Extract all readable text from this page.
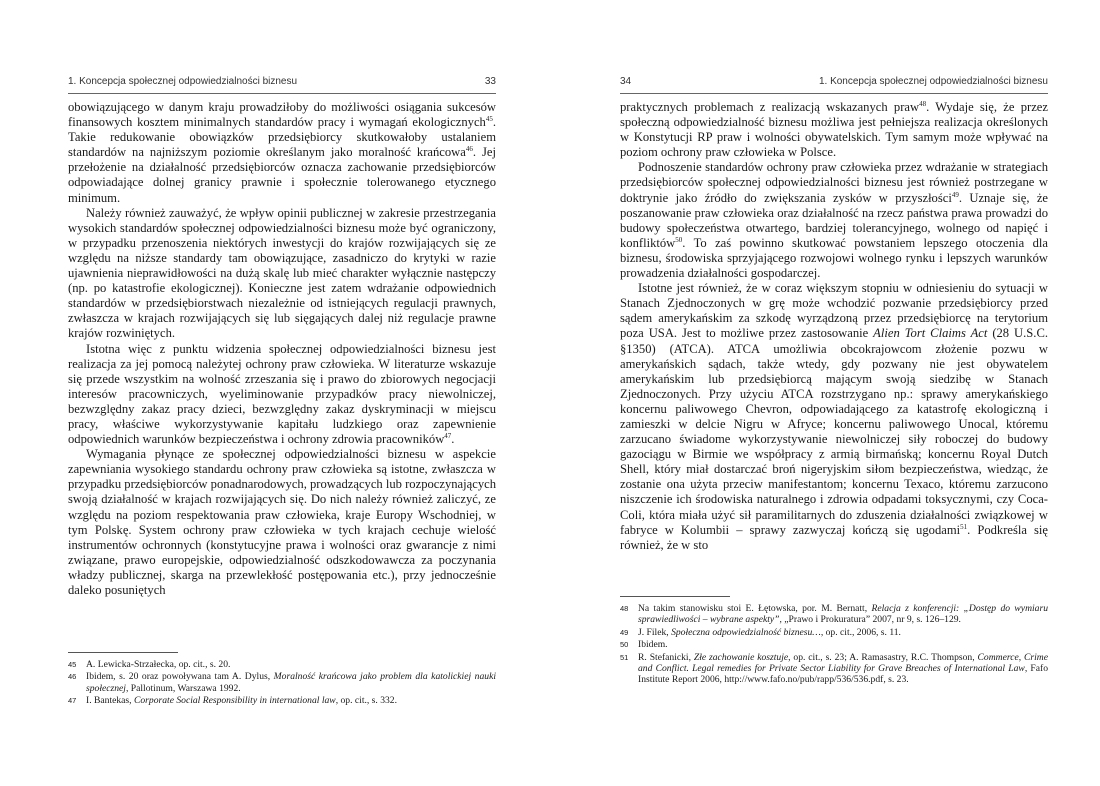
1. Koncepcja społecznej odpowiedzialności biznesu	33

obowiązującego w danym kraju prowadziłoby do możliwości osiągania sukcesów finansowych kosztem minimalnych standardów pracy i wymagań ekologicznych$^{45}$. Takie redukowanie obowiązków przedsiębiorcy skutkowałoby ustalaniem standardów na najniższym poziomie określanym jako moralność krańcowa$^{46}$. Jej przełożenie na działalność przedsiębiorców oznacza zachowanie przedsiębiorców odpowiadające dolnej granicy prawnie i społecznie tolerowanego etycznego minimum.

Należy również zauważyć, że wpływ opinii publicznej w zakresie przestrzegania wysokich standardów społecznej odpowiedzialności biznesu może być ograniczony, w przypadku przenoszenia niektórych inwestycji do krajów rozwijających się ze względu na niższe standardy tam obowiązujące, zasadniczo do krytyki w razie ujawnienia nieprawidłowości na dużą skalę lub mieć charakter wyłącznie następczy (np. po katastrofie ekologicznej). Konieczne jest zatem wdrażanie odpowiednich standardów w przedsiębiorstwach niezależnie od istniejących regulacji prawnych, zwłaszcza w krajach rozwijających się lub sięgających dalej niż regulacje prawne krajów rozwiniętych.

Istotna więc z punktu widzenia społecznej odpowiedzialności biznesu jest realizacja za jej pomocą należytej ochrony praw człowieka. W literaturze wskazuje się przede wszystkim na wolność zrzeszania się i prawo do zbiorowych negocjacji interesów pracowniczych, wyeliminowanie przypadków pracy niewolniczej, bezwzględny zakaz pracy dzieci, bezwzględny zakaz dyskryminacji w miejscu pracy, właściwe wykorzystywanie kapitału ludzkiego oraz zapewnienie odpowiednich warunków bezpieczeństwa i ochrony zdrowia pracowników$^{47}$.

Wymagania płynące ze społecznej odpowiedzialności biznesu w aspekcie zapewniania wysokiego standardu ochrony praw człowieka są istotne, zwłaszcza w przypadku przedsiębiorców ponadnarodowych, prowadzących lub rozpoczynających swoją działalność w krajach rozwijających się. Do nich należy również zaliczyć, ze względu na poziom respektowania praw człowieka, kraje Europy Wschodniej, w tym Polskę. System ochrony praw człowieka w tych krajach cechuje wielość instrumentów ochronnych (konstytucyjne prawa i wolności oraz gwarancje z nimi związane, prawo europejskie, odpowiedzialność odszkodowawcza za poczynania władzy publicznej, skarga na przewlekłość postępowania etc.), przy jednocześnie daleko posuniętych

45 A. Lewicka-Strzałecka, op. cit., s. 20.
46 Ibidem, s. 20 oraz powoływana tam A. Dylus, Moralność krańcowa jako problem dla katolickiej nauki społecznej, Pallotinum, Warszawa 1992.
47 I. Bantekas, Corporate Social Responsibility in international law, op. cit., s. 332.
34	1. Koncepcja społecznej odpowiedzialności biznesu

praktycznych problemach z realizacją wskazanych praw$^{48}$. Wydaje się, że przez społeczną odpowiedzialność biznesu możliwa jest pełniejsza realizacja określonych w Konstytucji RP praw i wolności obywatelskich. Tym samym może wpływać na poziom ochrony praw człowieka w Polsce.

Podnoszenie standardów ochrony praw człowieka przez wdrażanie w strategiach przedsiębiorców społecznej odpowiedzialności biznesu jest również postrzegane w doktrynie jako źródło do zwiększania zysków w przyszłości$^{49}$. Uznaje się, że poszanowanie praw człowieka oraz działalność na rzecz państwa prawa prowadzi do budowy społeczeństwa otwartego, bardziej tolerancyjnego, wolnego od napięć i konfliktów$^{50}$. To zaś powinno skutkować powstaniem lepszego otoczenia dla biznesu, środowiska sprzyjającego rozwojowi wolnego rynku i lepszych warunków prowadzenia działalności gospodarczej.

Istotne jest również, że w coraz większym stopniu w odniesieniu do sytuacji w Stanach Zjednoczonych w grę może wchodzić pozwanie przedsiębiorcy przed sądem amerykańskim za szkodę wyrządzoną przez przedsiębiorcę na terytorium poza USA. Jest to możliwe przez zastosowanie Alien Tort Claims Act (28 U.S.C. §1350) (ATCA). ATCA umożliwia obcokrajowcom złożenie pozwu w amerykańskich sądach, także wtedy, gdy pozwany nie jest obywatelem amerykańskim lub przedsiębiorcą mającym swoją siedzibę w Stanach Zjednoczonych. Przy użyciu ATCA rozstrzygano np.: sprawy amerykańskiego koncernu paliwowego Chevron, odpowiadającego za katastrofę ekologiczną i zamieszki w delcie Nigru w Afryce; koncernu paliwowego Unocal, któremu zarzucano świadome wykorzystywanie niewolniczej siły roboczej do budowy gazociągu w Birmie we współpracy z armią birmańską; koncernu Royal Dutch Shell, który miał dostarczać broń nigeryjskim siłom bezpieczeństwa, wiedząc, że zostanie ona użyta przeciw manifestantom; koncernu Texaco, któremu zarzucono niszczenie ich środowiska naturalnego i zdrowia odpadami toksycznymi, czy Coca-Coli, która miała użyć sił paramilitarnych do zduszenia działalności związkowej w fabryce w Kolumbii – sprawy zazwyczaj kończą się ugodami$^{51}$. Podkreśla się również, że w sto

48 Na takim stanowisku stoi E. Łętowska, por. M. Bernatt, Relacja z konferencji: „Dostęp do wymiaru sprawiedliwości – wybrane aspekty”, „Prawo i Prokuratura” 2007, nr 9, s. 126–129.
49 J. Filek, Społeczna odpowiedzialność biznesu…, op. cit., 2006, s. 11.
50 Ibidem.
51 R. Stefanicki, Złe zachowanie kosztuje, op. cit., s. 23; A. Ramasastry, R.C. Thompson, Commerce, Crime and Conflict. Legal remedies for Private Sector Liability for Grave Breaches of International Law, Fafo Institute Report 2006, http://www.fafo.no/pub/rapp/536/536.pdf, s. 23.
